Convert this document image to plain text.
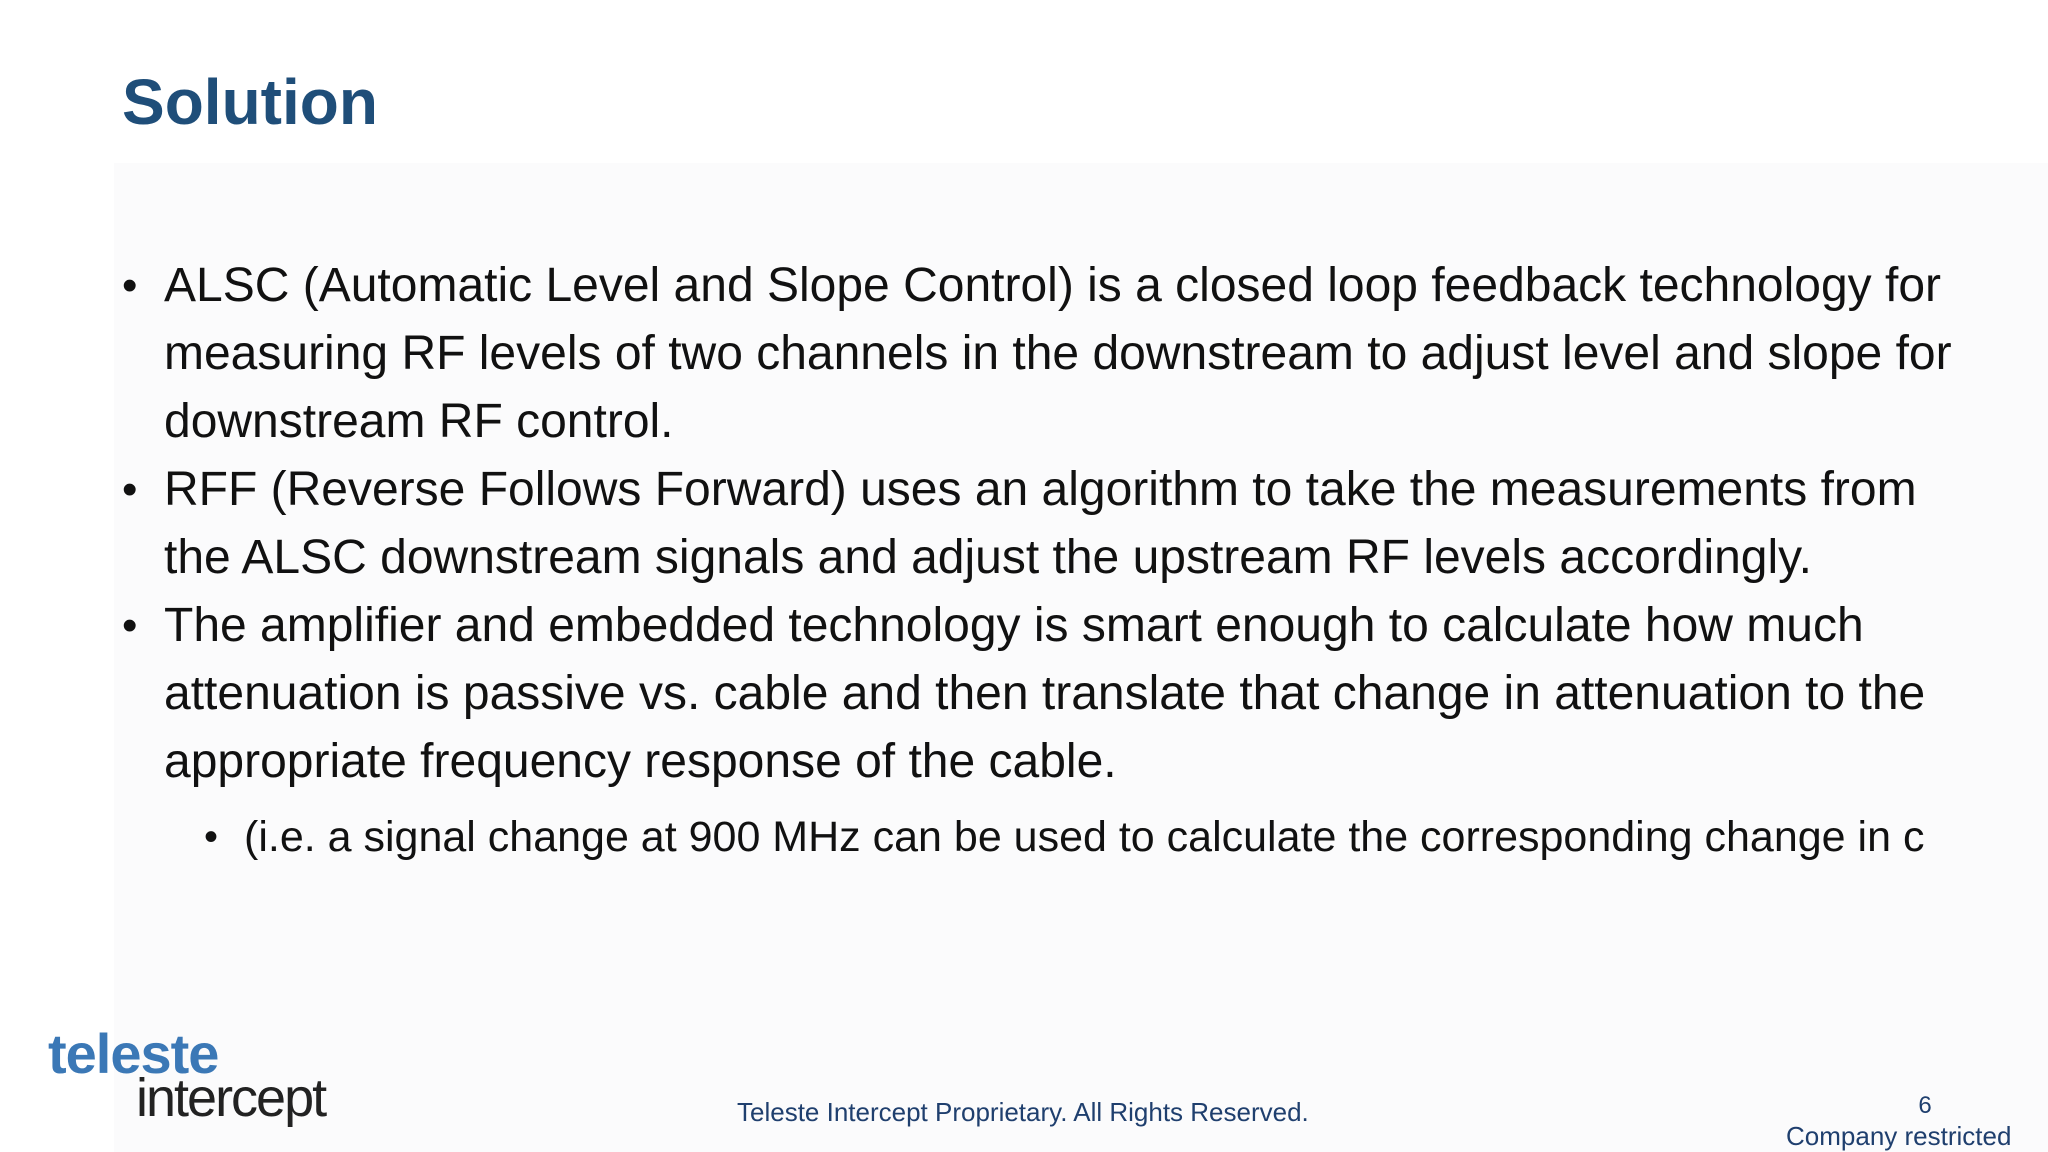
Solution

• ALSC (Automatic Level and Slope Control) is a closed loop feedback technology for measuring RF levels of two channels in the downstream to adjust level and slope for downstream RF control.

• RFF (Reverse Follows Forward) uses an algorithm to take the measurements from the ALSC downstream signals and adjust the upstream RF levels accordingly.

• The amplifier and embedded technology is smart enough to calculate how much attenuation is passive vs. cable and then translate that change in attenuation to the appropriate frequency response of the cable.

• (i.e. a signal change at 900 MHz can be used to calculate the corresponding change in c

teleste
intercept	Teleste Intercept Proprietary. All Rights Reserved.	6
Company restricted
